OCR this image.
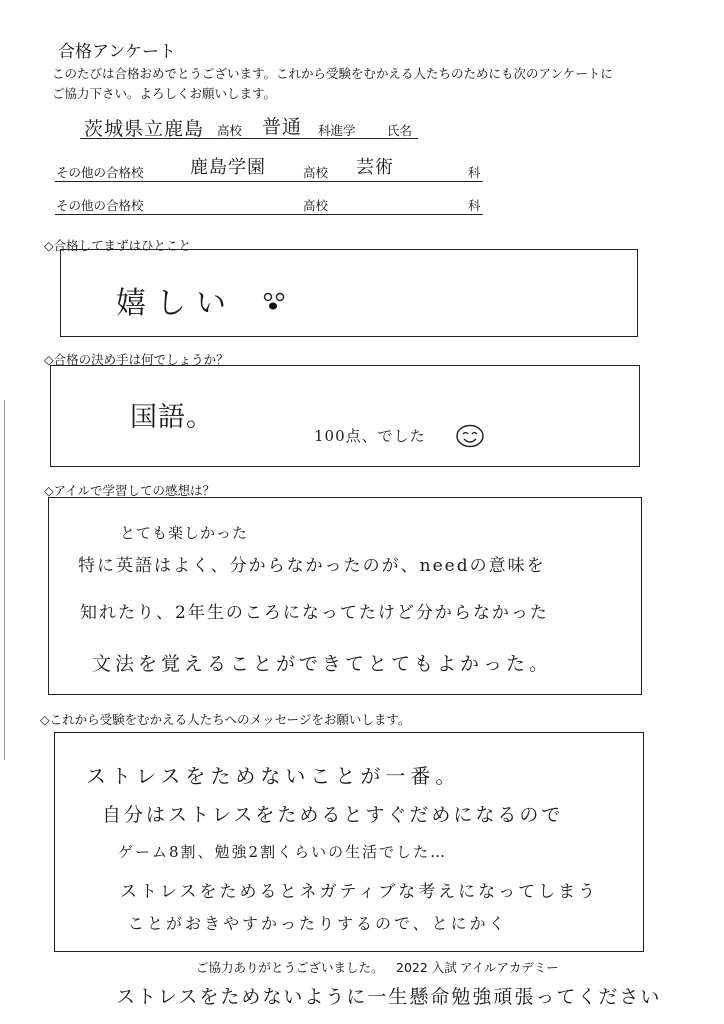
合格アンケート
このたびは合格おめでとうございます。これから受験をむかえる人たちのためにも次のアンケートに
ご協力下さい。よろしくお願いします。
茨城県立鹿島 高校 普通 科進学	氏名
その他の合格校	鹿島学園	高校 芸術	科
その他の合格校	高校	科
◇合格してまずはひとこと
嬉しい
◇合格の決め手は何でしょうか？
国語。
100点、でした
◇アイルで学習しての感想は？
とても楽しかった
特に英語はよく、分からなかったのが、needの意味を
知れたり、2年生のころになってたけど分からなかった
文法を覚えることができてとてもよかった。
◇これから受験をむかえる人たちへのメッセージをお願いします。
ストレスをためないことが一番。
自分はストレスをためるとすぐだめになるので
ゲーム8割、勉強2割くらいの生活でした…
ストレスをためるとネガティブな考えになってしまう
ことがおきやすかったりするので、とにかく
ご協力ありがとうございました。 2022 入試 アイルアカデミー
ストレスをためないように一生懸命勉強頑張ってください
